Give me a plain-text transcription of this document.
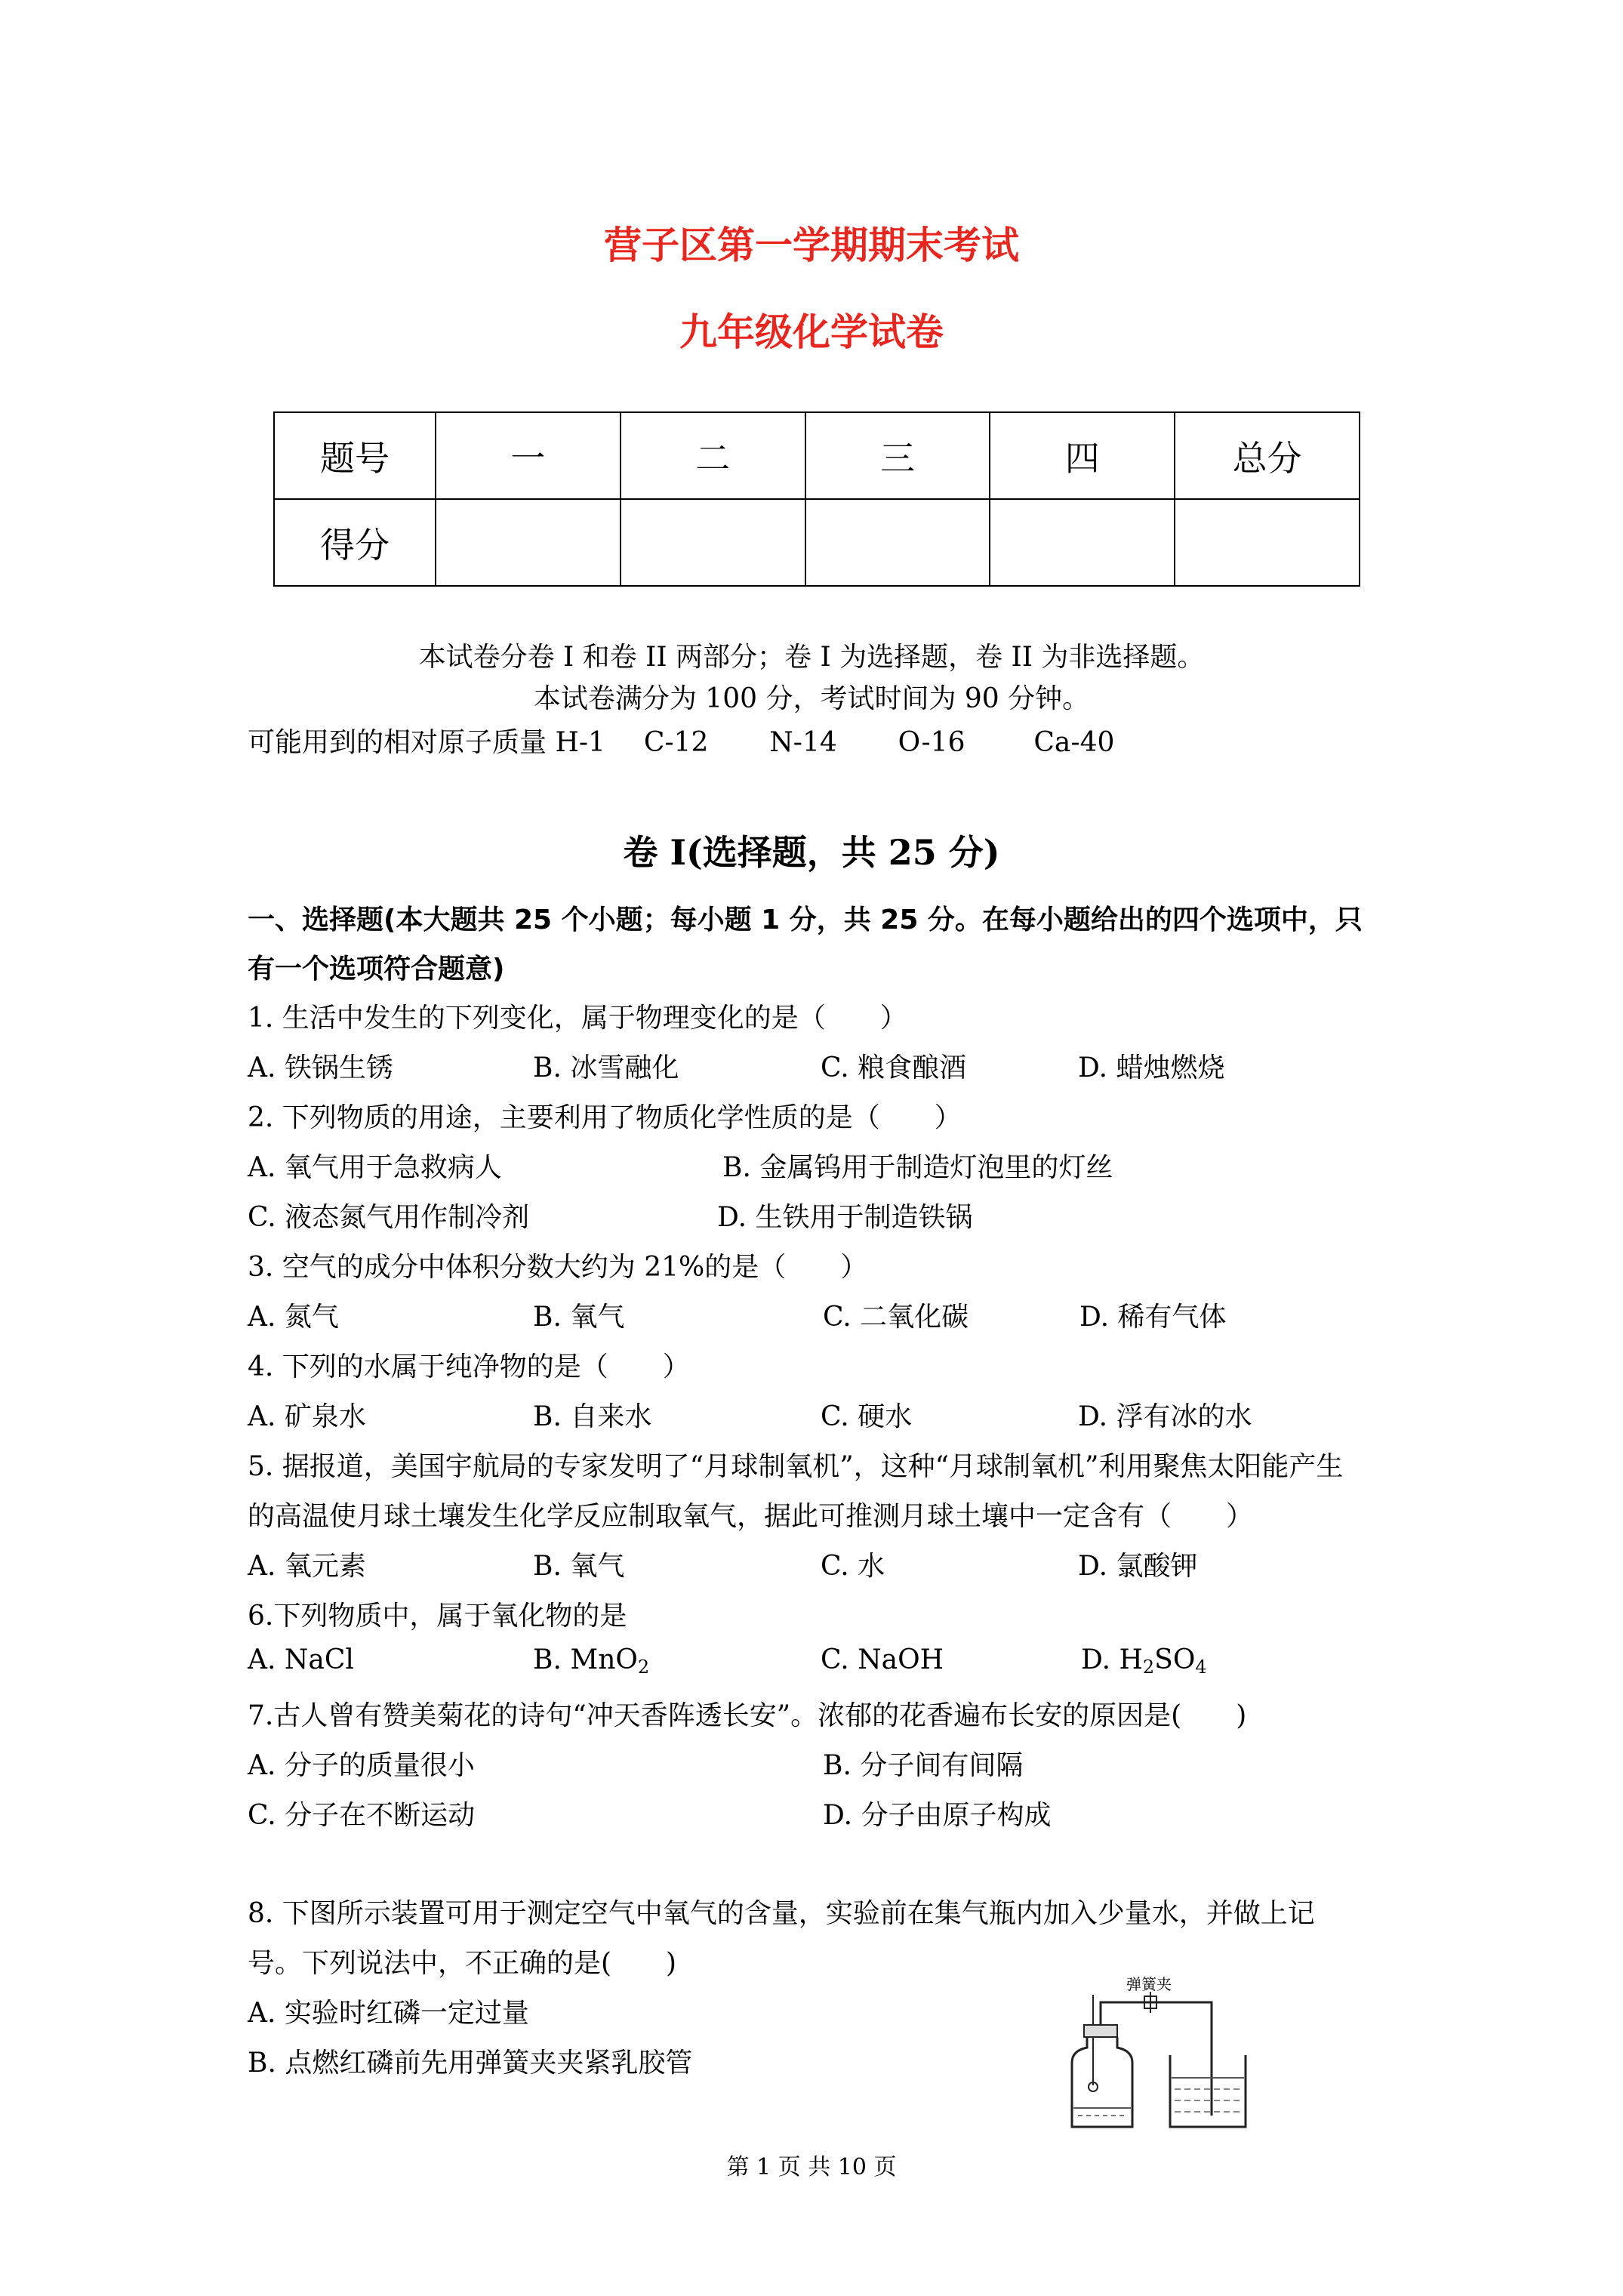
营子区第一学期期末考试
九年级化学试卷
题号	一	二	三	四	总分
得分					
本试卷分卷 I 和卷 II 两部分；卷 I 为选择题，卷 II 为非选择题。
本试卷满分为 100 分，考试时间为 90 分钟。
可能用到的相对原子质量 H-1 C-12 N-14 O-16	Ca-40
卷 I(选择题，共 25 分)
一、选择题(本大题共 25 个小题；每小题 1 分，共 25 分。在每小题给出的四个选项中，只
有一个选项符合题意)
1. 生活中发生的下列变化，属于物理变化的是（　　）
A. 铁锅生锈	B. 冰雪融化	C. 粮食酿酒	D. 蜡烛燃烧
2. 下列物质的用途，主要利用了物质化学性质的是（　　）
A. 氧气用于急救病人	B. 金属钨用于制造灯泡里的灯丝
C. 液态氮气用作制冷剂	D. 生铁用于制造铁锅
3. 空气的成分中体积分数大约为 21%的是（　　）
A. 氮气	B. 氧气	C. 二氧化碳	D. 稀有气体
4. 下列的水属于纯净物的是（　　）
A. 矿泉水	B. 自来水	C. 硬水	D. 浮有冰的水
5. 据报道，美国宇航局的专家发明了“月球制氧机”，这种“月球制氧机”利用聚焦太阳能产生
的高温使月球土壤发生化学反应制取氧气，据此可推测月球土壤中一定含有（　　）
A. 氧元素	B. 氧气	C. 水	D. 氯酸钾
6.下列物质中，属于氧化物的是
A. NaCl	B. MnO$_2$	C. NaOH	D. $H_2SO_4$
7.古人曾有赞美菊花的诗句“冲天香阵透长安”。浓郁的花香遍布长安的原因是(　　)
A. 分子的质量很小	B. 分子间有间隔
C. 分子在不断运动	D. 分子由原子构成
8. 下图所示装置可用于测定空气中氧气的含量，实验前在集气瓶内加入少量水，并做上记
号。下列说法中，不正确的是(　　)
A. 实验时红磷一定过量
B. 点燃红磷前先用弹簧夹夹紧乳胶管
弹簧夹
第 1 页 共 10 页
